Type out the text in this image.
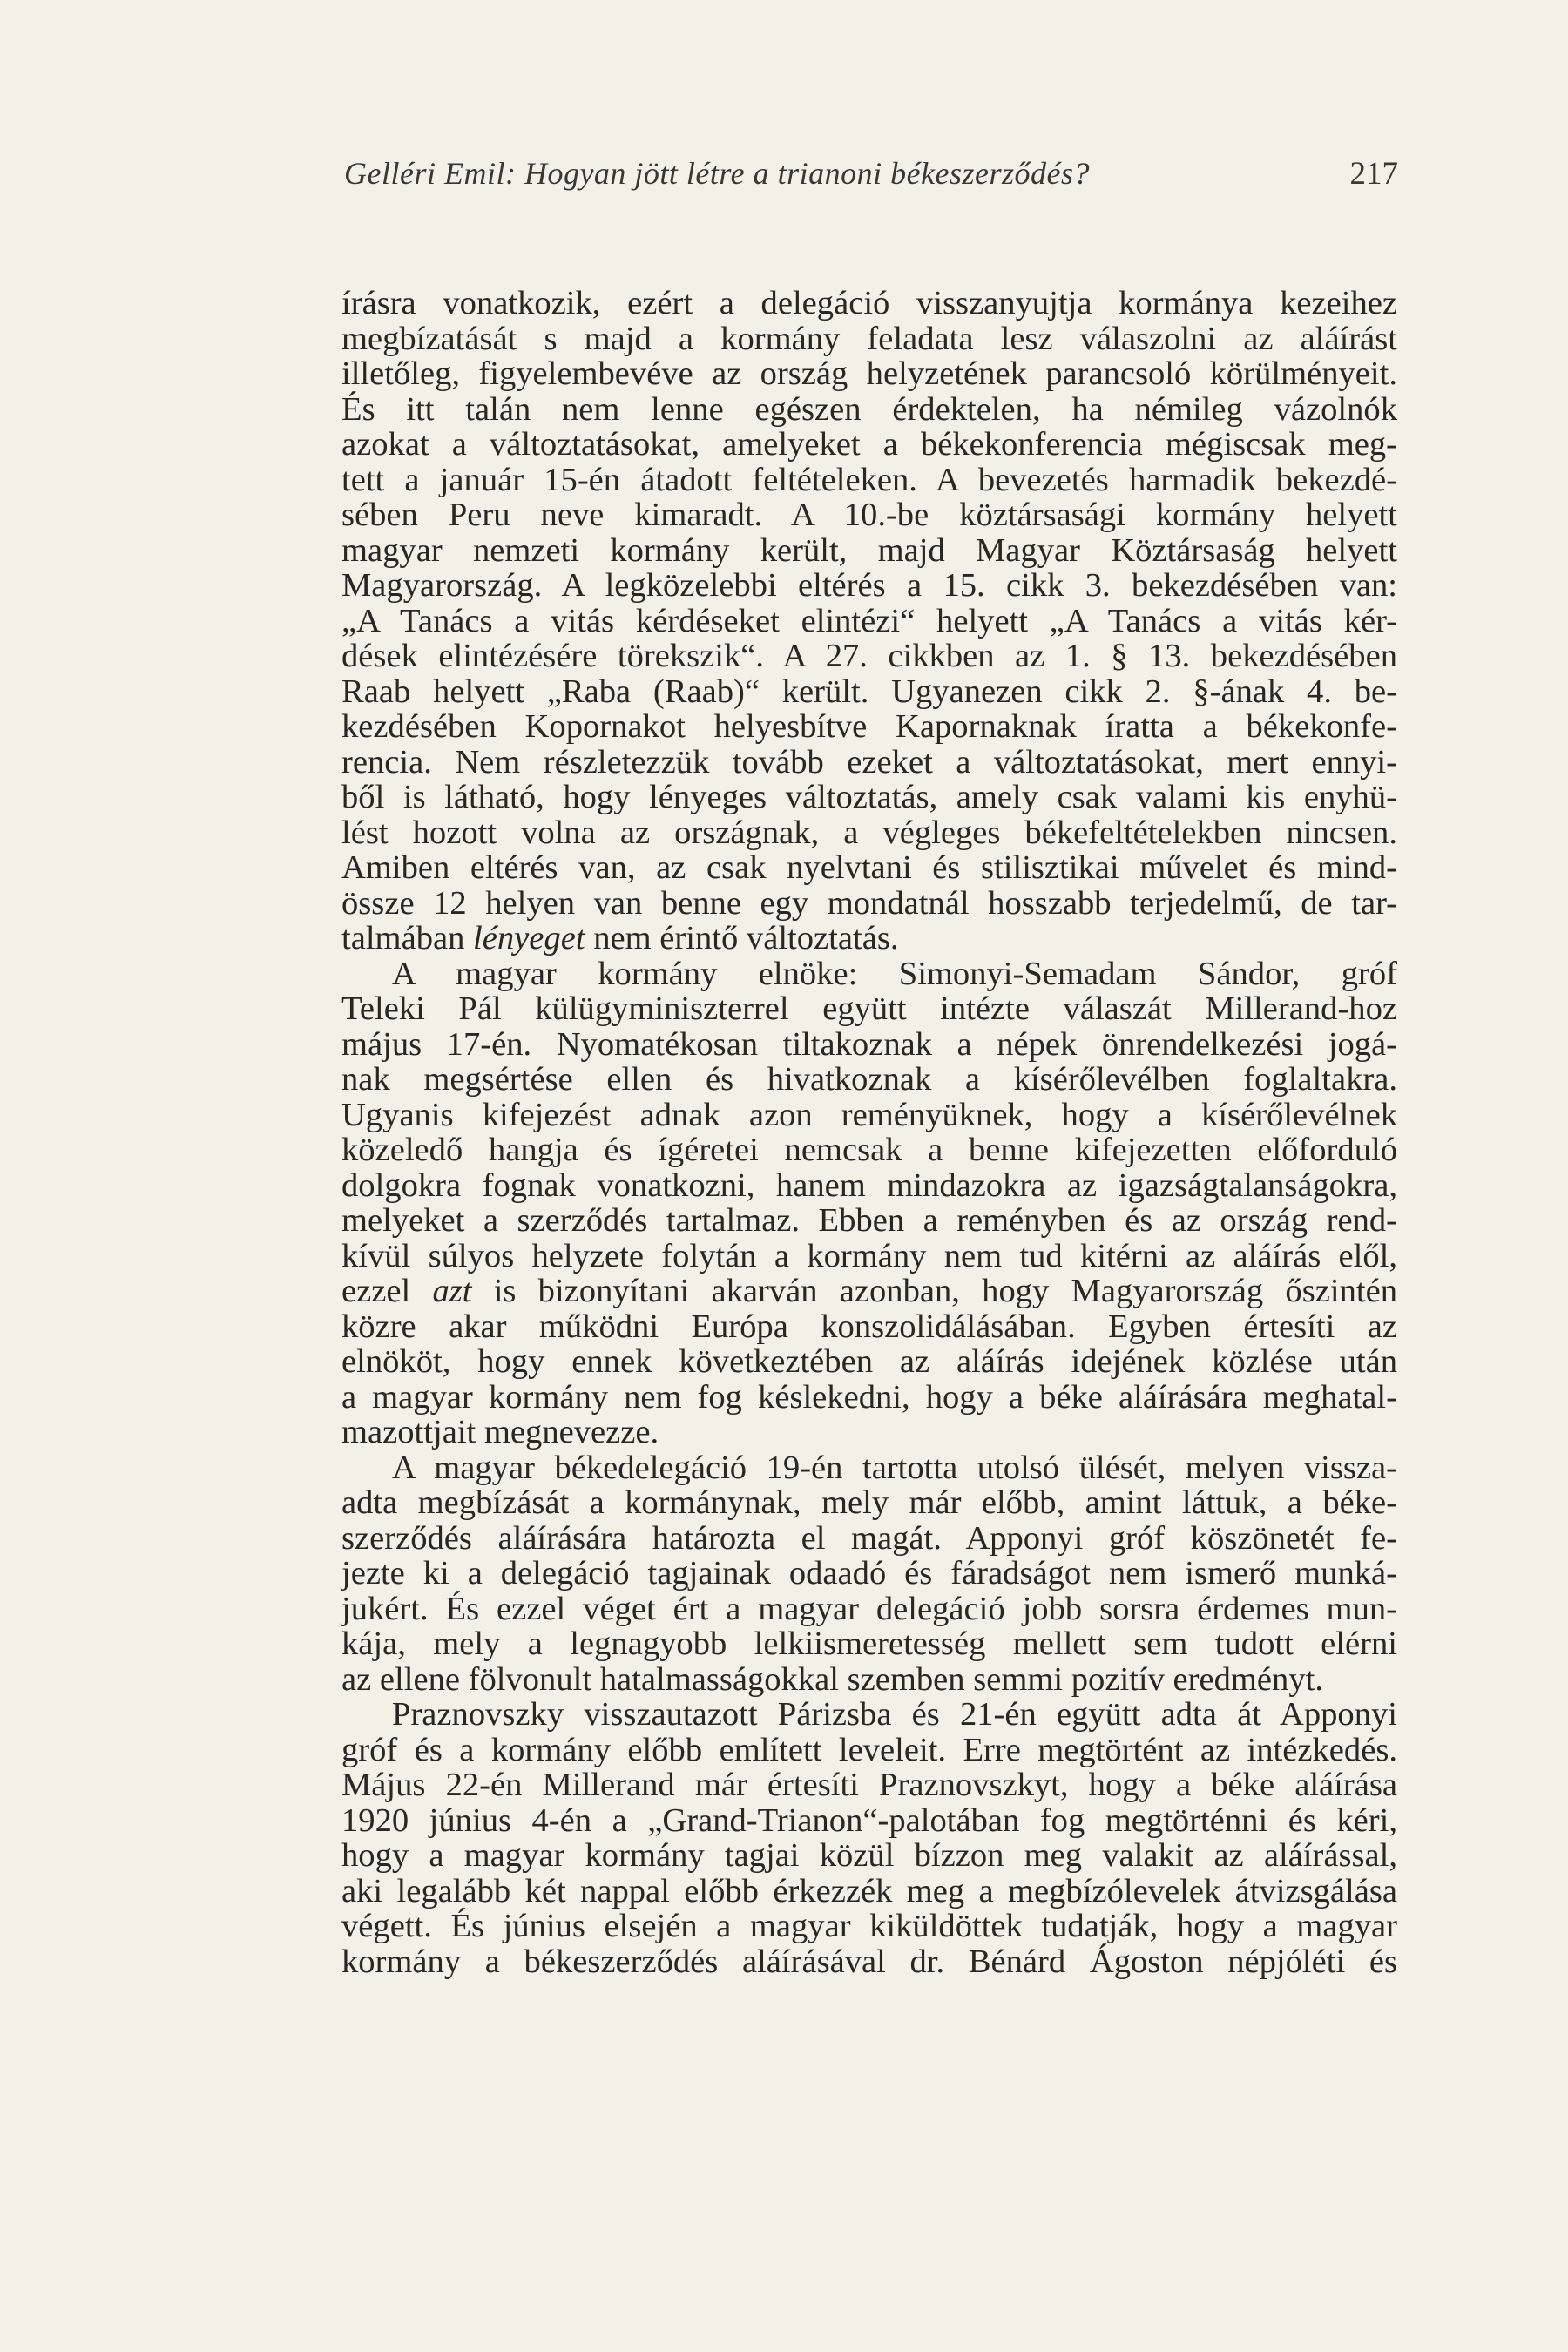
Gelléri Emil: Hogyan jött létre a trianoni békeszerződés?	217
írásra vonatkozik, ezért a delegáció visszanyujtja kormánya kezeihez
megbízatását s majd a kormány feladata lesz válaszolni az aláírást
illetőleg, figyelembevéve az ország helyzetének parancsoló körülményeit.
És itt talán nem lenne egészen érdektelen, ha némileg vázolnók
azokat a változtatásokat, amelyeket a békekonferencia mégiscsak meg-
tett a január 15-én átadott feltételeken. A bevezetés harmadik bekezdé-
sében Peru neve kimaradt. A 10.-be köztársasági kormány helyett
magyar nemzeti kormány került, majd Magyar Köztársaság helyett
Magyarország. A legközelebbi eltérés a 15. cikk 3. bekezdésében van:
„A Tanács a vitás kérdéseket elintézi“ helyett „A Tanács a vitás kér-
dések elintézésére törekszik“. A 27. cikkben az 1. § 13. bekezdésében
Raab helyett „Raba (Raab)“ került. Ugyanezen cikk 2. §-ának 4. be-
kezdésében Kopornakot helyesbítve Kapornaknak íratta a békekonfe-
rencia. Nem részletezzük tovább ezeket a változtatásokat, mert ennyi-
ből is látható, hogy lényeges változtatás, amely csak valami kis enyhü-
lést hozott volna az országnak, a végleges békefeltételekben nincsen.
Amiben eltérés van, az csak nyelvtani és stilisztikai művelet és mind-
össze 12 helyen van benne egy mondatnál hosszabb terjedelmű, de tar-
talmában lényeget nem érintő változtatás.
A magyar kormány elnöke: Simonyi-Semadam Sándor, gróf
Teleki Pál külügyminiszterrel együtt intézte válaszát Millerand-hoz
május 17-én. Nyomatékosan tiltakoznak a népek önrendelkezési jogá-
nak megsértése ellen és hivatkoznak a kísérőlevélben foglaltakra.
Ugyanis kifejezést adnak azon reményüknek, hogy a kísérőlevélnek
közeledő hangja és ígéretei nemcsak a benne kifejezetten előforduló
dolgokra fognak vonatkozni, hanem mindazokra az igazságtalanságokra,
melyeket a szerződés tartalmaz. Ebben a reményben és az ország rend-
kívül súlyos helyzete folytán a kormány nem tud kitérni az aláírás elől,
ezzel azt is bizonyítani akarván azonban, hogy Magyarország őszintén
közre akar működni Európa konszolidálásában. Egyben értesíti az
elnököt, hogy ennek következtében az aláírás idejének közlése után
a magyar kormány nem fog késlekedni, hogy a béke aláírására meghatal-
mazottjait megnevezze.
A magyar békedelegáció 19-én tartotta utolsó ülését, melyen vissza-
adta megbízását a kormánynak, mely már előbb, amint láttuk, a béke-
szerződés aláírására határozta el magát. Apponyi gróf köszönetét fe-
jezte ki a delegáció tagjainak odaadó és fáradságot nem ismerő munká-
jukért. És ezzel véget ért a magyar delegáció jobb sorsra érdemes mun-
kája, mely a legnagyobb lelkiismeretesség mellett sem tudott elérni
az ellene fölvonult hatalmasságokkal szemben semmi pozitív eredményt.
Praznovszky visszautazott Párizsba és 21-én együtt adta át Apponyi
gróf és a kormány előbb említett leveleit. Erre megtörtént az intézkedés.
Május 22-én Millerand már értesíti Praznovszkyt, hogy a béke aláírása
1920 június 4-én a „Grand-Trianon“-palotában fog megtörténni és kéri,
hogy a magyar kormány tagjai közül bízzon meg valakit az aláírással,
aki legalább két nappal előbb érkezzék meg a megbízólevelek átvizsgálása
végett. És június elsején a magyar kiküldöttek tudatják, hogy a magyar
kormány a békeszerződés aláírásával dr. Bénárd Ágoston népjóléti és
